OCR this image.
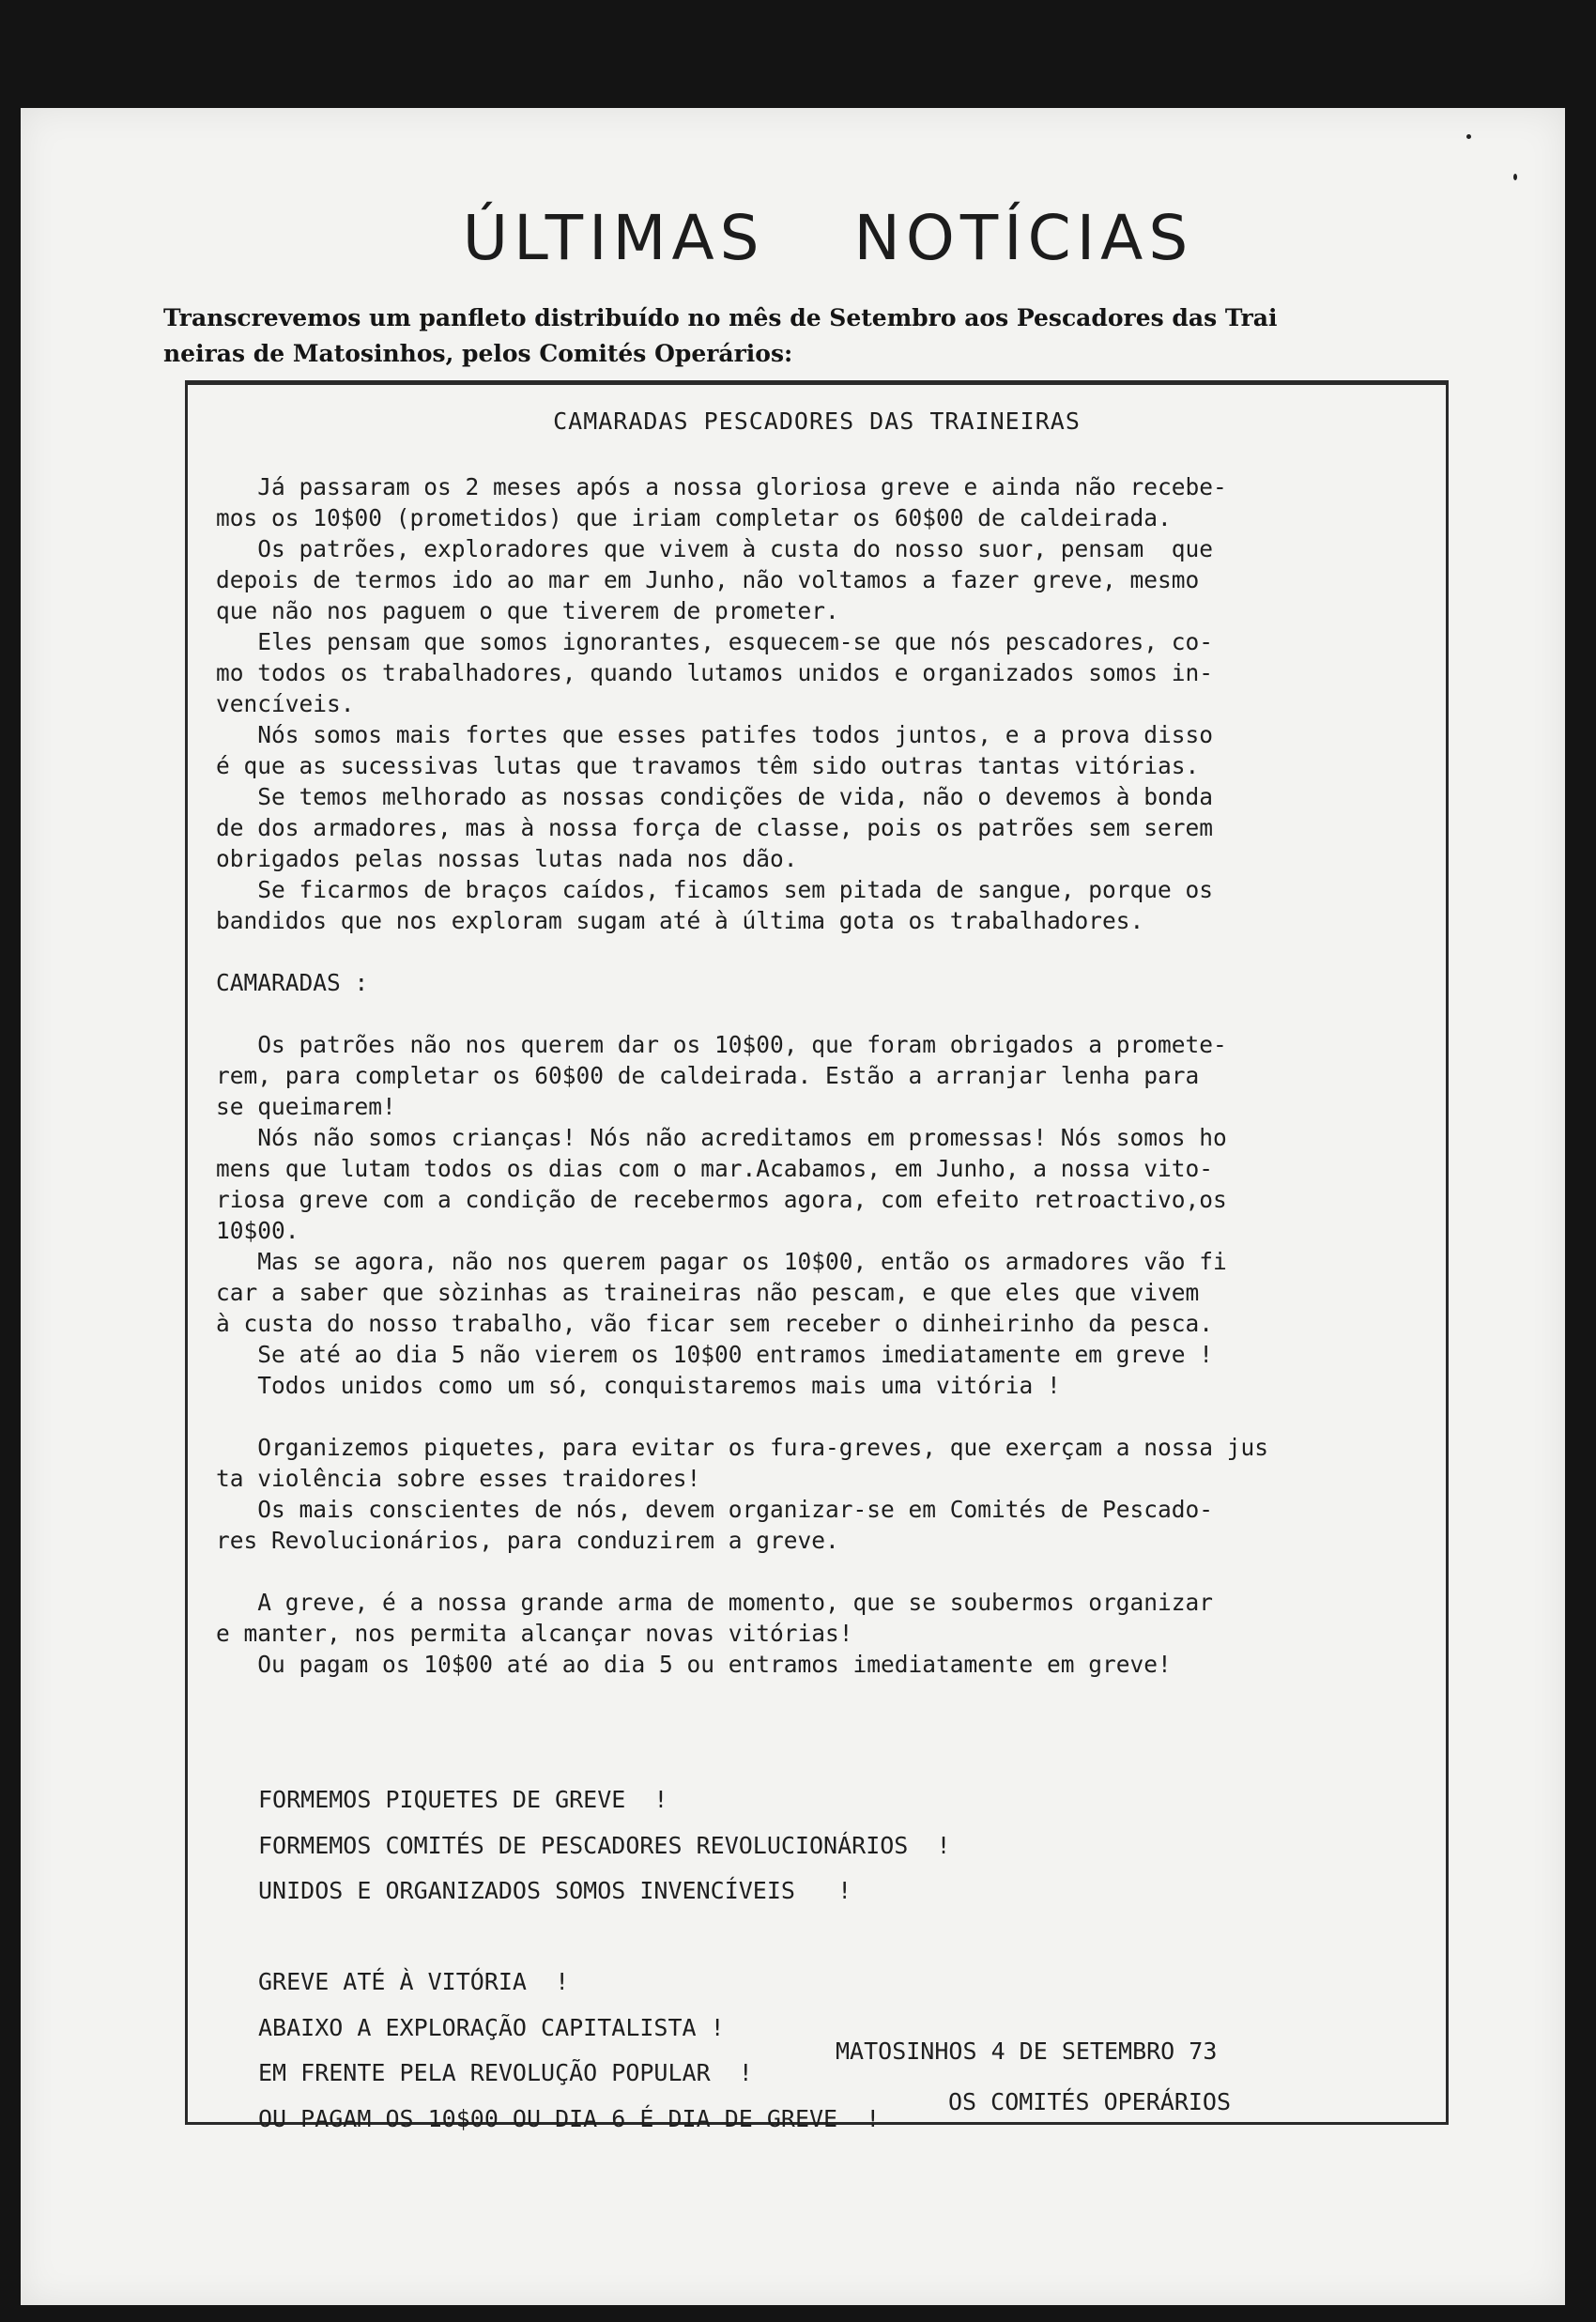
ÚLTIMAS NOTÍCIAS
Transcrevemos um panfleto distribuído no mês de Setembro aos Pescadores das Trai
neiras de Matosinhos, pelos Comités Operários:
CAMARADAS PESCADORES DAS TRAINEIRAS
Já passaram os 2 meses após a nossa gloriosa greve e ainda não recebe-
mos os 10$00 (prometidos) que iriam completar os 60$00 de caldeirada.
Os patrões, exploradores que vivem à custa do nosso suor, pensam  que
depois de termos ido ao mar em Junho, não voltamos a fazer greve, mesmo
que não nos paguem o que tiverem de prometer.
Eles pensam que somos ignorantes, esquecem-se que nós pescadores, co-
mo todos os trabalhadores, quando lutamos unidos e organizados somos in-
vencíveis.
Nós somos mais fortes que esses patifes todos juntos, e a prova disso
é que as sucessivas lutas que travamos têm sido outras tantas vitórias.
Se temos melhorado as nossas condições de vida, não o devemos à bonda
de dos armadores, mas à nossa força de classe, pois os patrões sem serem
obrigados pelas nossas lutas nada nos dão.
Se ficarmos de braços caídos, ficamos sem pitada de sangue, porque os
bandidos que nos exploram sugam até à última gota os trabalhadores.
CAMARADAS :
Os patrões não nos querem dar os 10$00, que foram obrigados a promete-
rem, para completar os 60$00 de caldeirada. Estão a arranjar lenha para
se queimarem!
Nós não somos crianças! Nós não acreditamos em promessas! Nós somos ho
mens que lutam todos os dias com o mar.Acabamos, em Junho, a nossa vito-
riosa greve com a condição de recebermos agora, com efeito retroactivo,os
10$00.
Mas se agora, não nos querem pagar os 10$00, então os armadores vão fi
car a saber que sòzinhas as traineiras não pescam, e que eles que vivem
à custa do nosso trabalho, vão ficar sem receber o dinheirinho da pesca.
Se até ao dia 5 não vierem os 10$00 entramos imediatamente em greve !
Todos unidos como um só, conquistaremos mais uma vitória !
Organizemos piquetes, para evitar os fura-greves, que exerçam a nossa jus
ta violência sobre esses traidores!
Os mais conscientes de nós, devem organizar-se em Comités de Pescado-
res Revolucionários, para conduzirem a greve.
A greve, é a nossa grande arma de momento, que se soubermos organizar
e manter, nos permita alcançar novas vitórias!
Ou pagam os 10$00 até ao dia 5 ou entramos imediatamente em greve!
FORMEMOS PIQUETES DE GREVE  !
FORMEMOS COMITÉS DE PESCADORES REVOLUCIONÁRIOS  !
UNIDOS E ORGANIZADOS SOMOS INVENCÍVEIS   !
GREVE ATÉ À VITÓRIA  !
ABAIXO A EXPLORAÇÃO CAPITALISTA !
EM FRENTE PELA REVOLUÇÃO POPULAR  !
OU PAGAM OS 10$00 OU DIA 6 É DIA DE GREVE  !
MATOSINHOS 4 DE SETEMBRO 73
OS COMITÉS OPERÁRIOS
